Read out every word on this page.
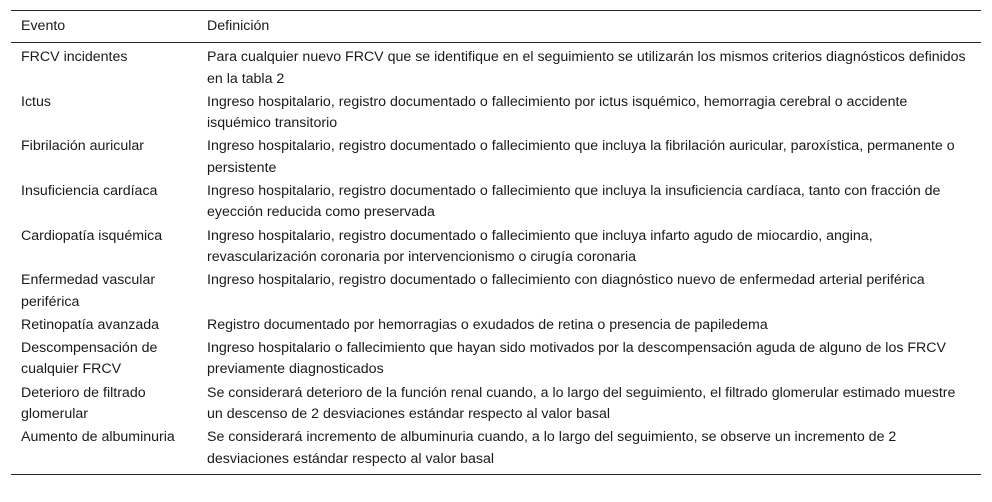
Evento	Definición
FRCV incidentes	Para cualquier nuevo FRCV que se identifique en el seguimiento se utilizarán los mismos criterios diagnósticos definidos en la tabla 2
Ictus	Ingreso hospitalario, registro documentado o fallecimiento por ictus isquémico, hemorragia cerebral o accidente isquémico transitorio
Fibrilación auricular	Ingreso hospitalario, registro documentado o fallecimiento que incluya la fibrilación auricular, paroxística, permanente o persistente
Insuficiencia cardíaca	Ingreso hospitalario, registro documentado o fallecimiento que incluya la insuficiencia cardíaca, tanto con fracción de eyección reducida como preservada
Cardiopatía isquémica	Ingreso hospitalario, registro documentado o fallecimiento que incluya infarto agudo de miocardio, angina, revascularización coronaria por intervencionismo o cirugía coronaria
Enfermedad vascular periférica	Ingreso hospitalario, registro documentado o fallecimiento con diagnóstico nuevo de enfermedad arterial periférica
Retinopatía avanzada	Registro documentado por hemorragias o exudados de retina o presencia de papiledema
Descompensación de cualquier FRCV	Ingreso hospitalario o fallecimiento que hayan sido motivados por la descompensación aguda de alguno de los FRCV previamente diagnosticados
Deterioro de filtrado glomerular	Se considerará deterioro de la función renal cuando, a lo largo del seguimiento, el filtrado glomerular estimado muestre un descenso de 2 desviaciones estándar respecto al valor basal
Aumento de albuminuria	Se considerará incremento de albuminuria cuando, a lo largo del seguimiento, se observe un incremento de 2 desviaciones estándar respecto al valor basal
